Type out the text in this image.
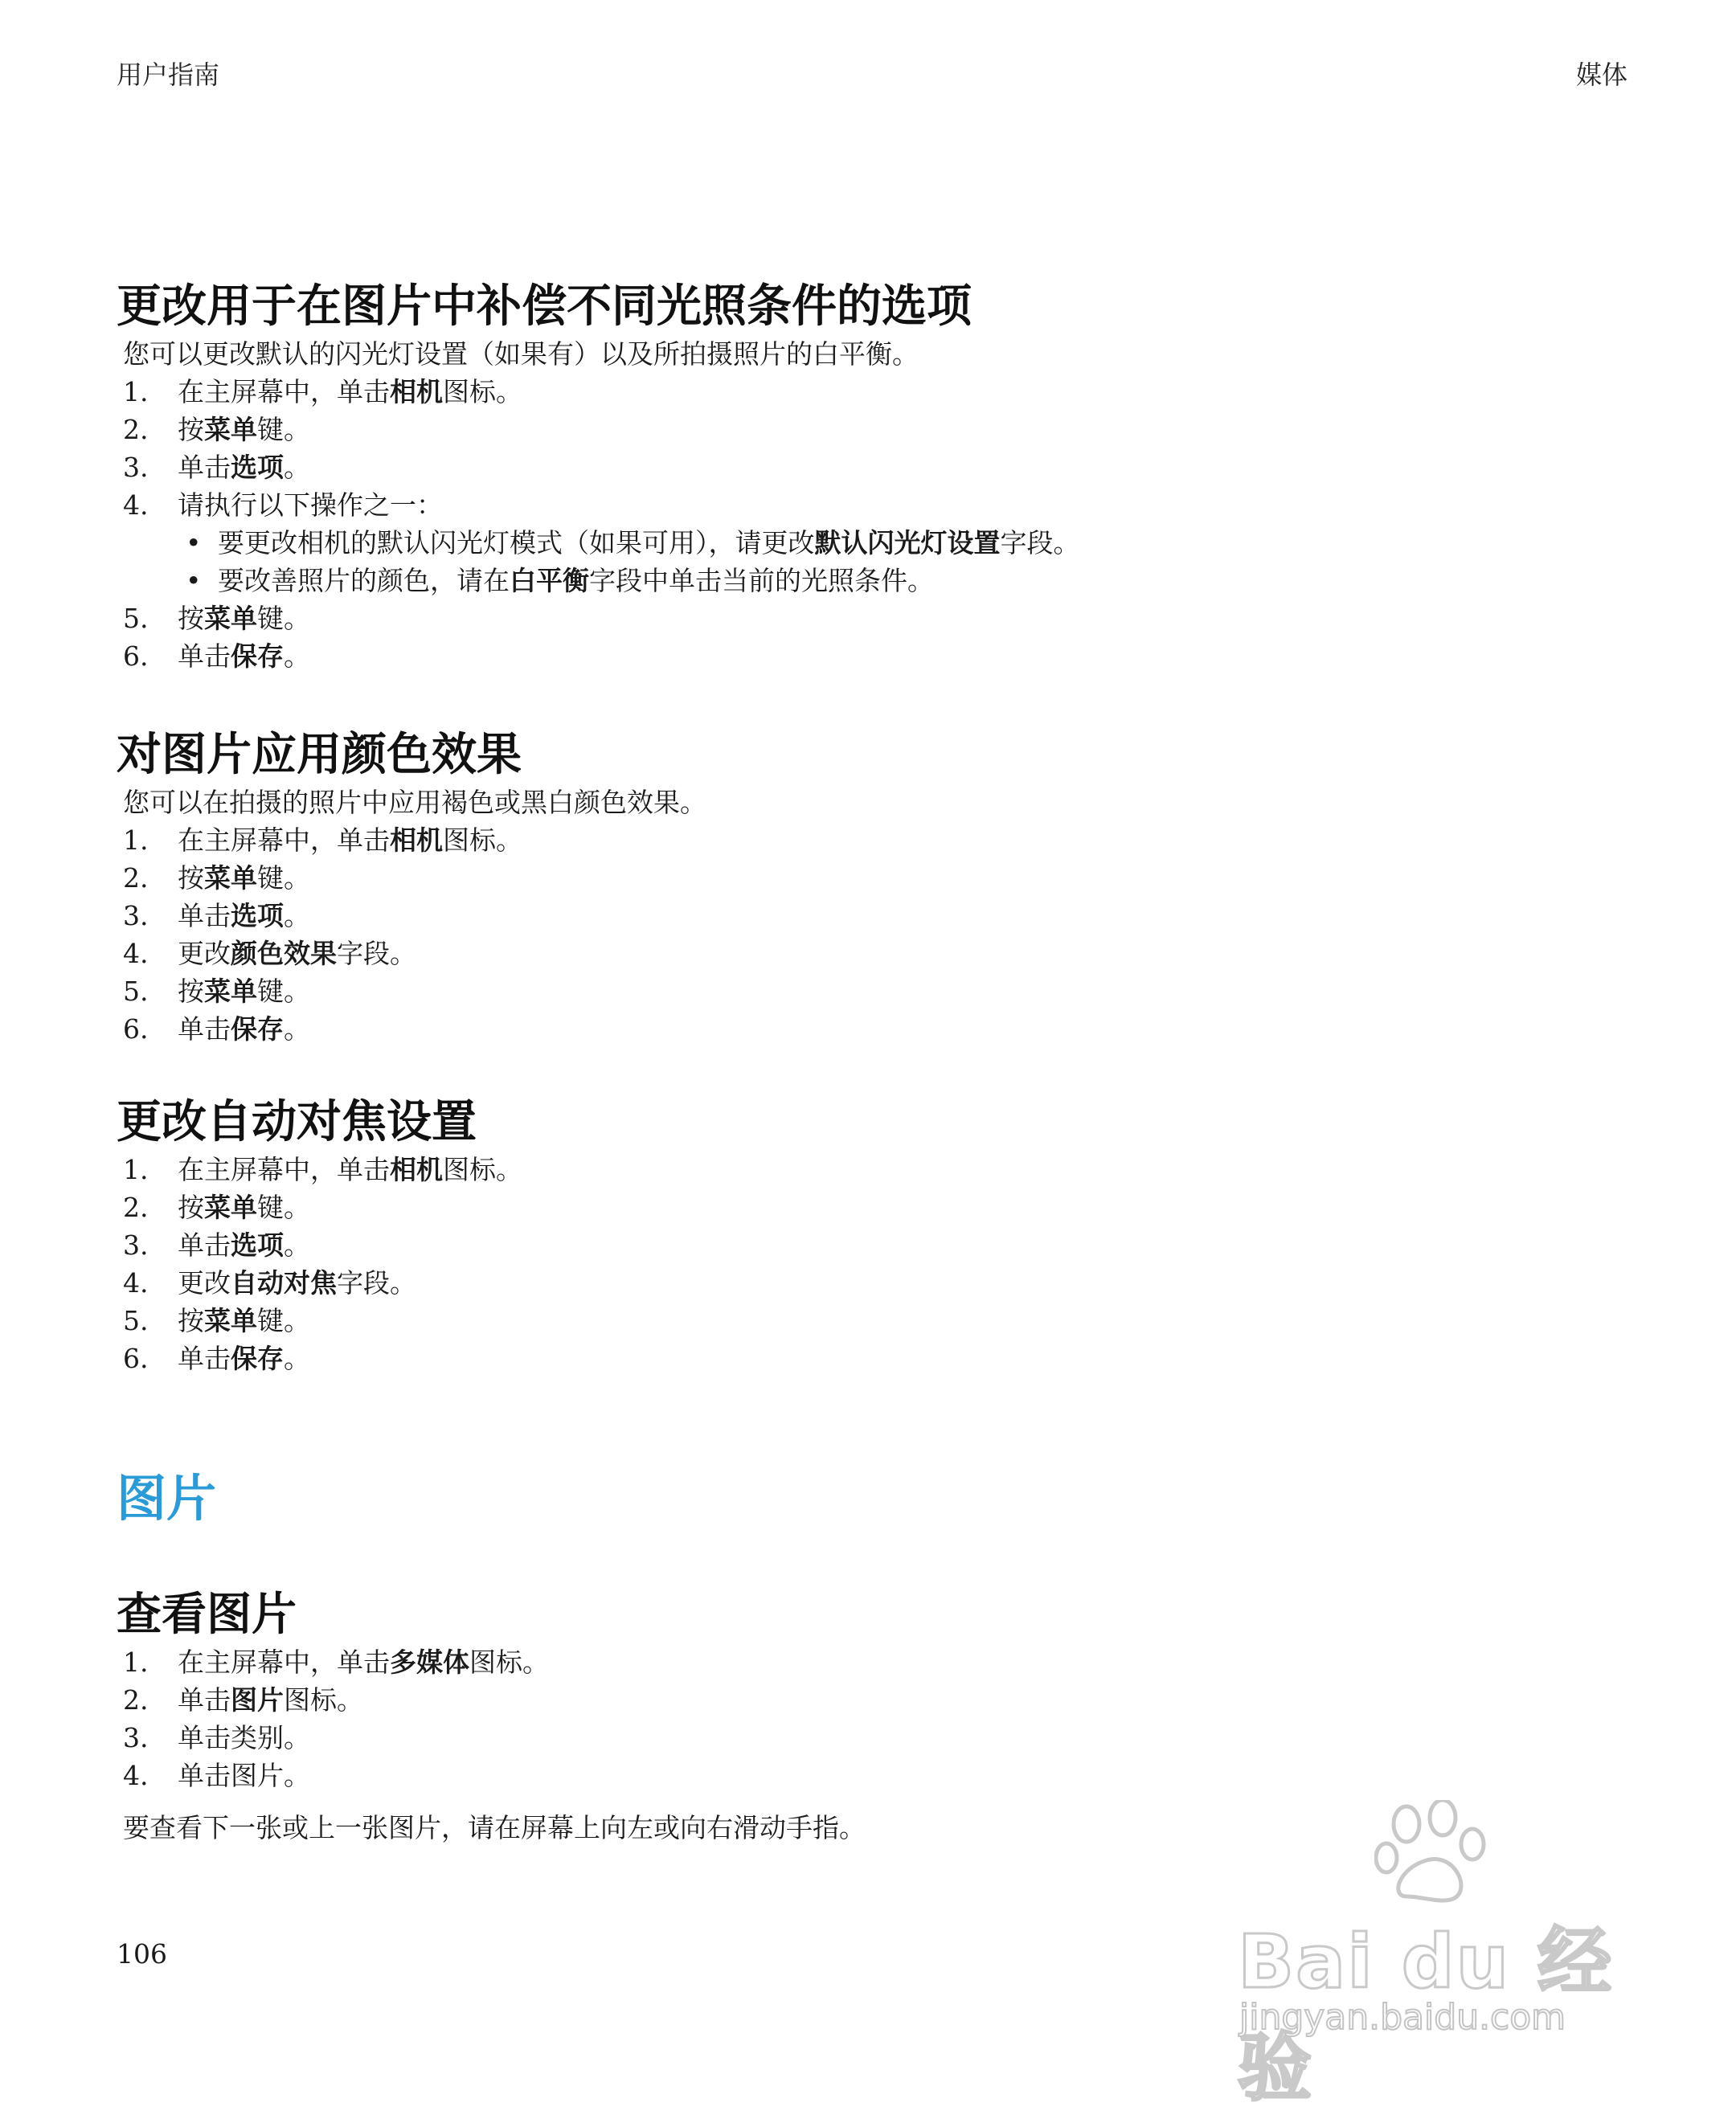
用户指南	媒体
更改用于在图片中补偿不同光照条件的选项

您可以更改默认的闪光灯设置（如果有）以及所拍摄照片的白平衡。

1. 在主屏幕中，单击相机图标。
2. 按菜单键。
3. 单击选项。
4. 请执行以下操作之一：
• 要更改相机的默认闪光灯模式（如果可用），请更改默认闪光灯设置字段。
• 要改善照片的颜色，请在白平衡字段中单击当前的光照条件。
5. 按菜单键。
6. 单击保存。
对图片应用颜色效果

您可以在拍摄的照片中应用褐色或黑白颜色效果。

1. 在主屏幕中，单击相机图标。
2. 按菜单键。
3. 单击选项。
4. 更改颜色效果字段。
5. 按菜单键。
6. 单击保存。
更改自动对焦设置
1. 在主屏幕中，单击相机图标。
2. 按菜单键。
3. 单击选项。
4. 更改自动对焦字段。
5. 按菜单键。
6. 单击保存。
图片
查看图片
1. 在主屏幕中，单击多媒体图标。
2. 单击图片图标。
3. 单击类别。
4. 单击图片。

要查看下一张或上一张图片，请在屏幕上向左或向右滑动手指。

106	Bai du 经验
jingyan.baidu.com
